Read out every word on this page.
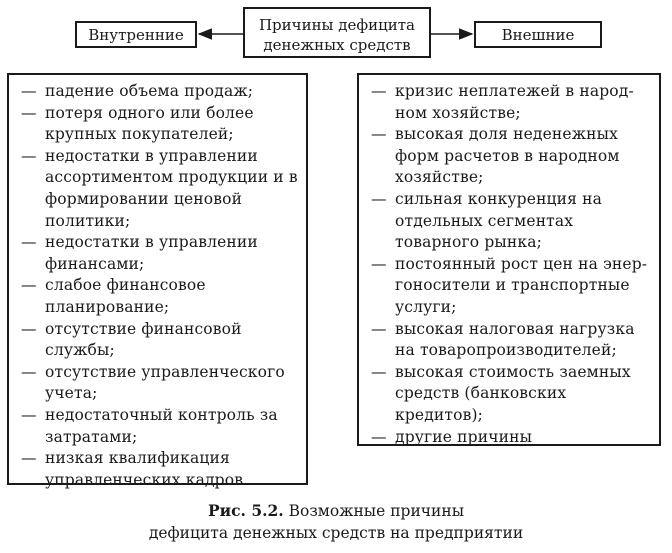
Внутренние
Причины дефицита
денежных средств
Внешние
— падение объема продаж;
— потеря одного или более крупных покупателей;
— недостатки в управлении ассортиментом продукции и в формировании ценовой политики;
— недостатки в управлении финансами;
— слабое финансовое планирование;
— отсутствие финансовой службы;
— отсутствие управленческого учета;
— недостаточный контроль за затратами;
— низкая квалификация управленческих кадров
— кризис неплатежей в народном хозяйстве;
— высокая доля неденежных форм расчетов в народном хозяйстве;
— сильная конкуренция на отдельных сегментах товарного рынка;
— постоянный рост цен на энергоносители и транспортные услуги;
— высокая налоговая нагрузка на товаропроизводителей;
— высокая стоимость заемных средств (банковских кредитов);
— другие причины
Рис. 5.2. Возможные причины
дефицита денежных средств на предприятии
